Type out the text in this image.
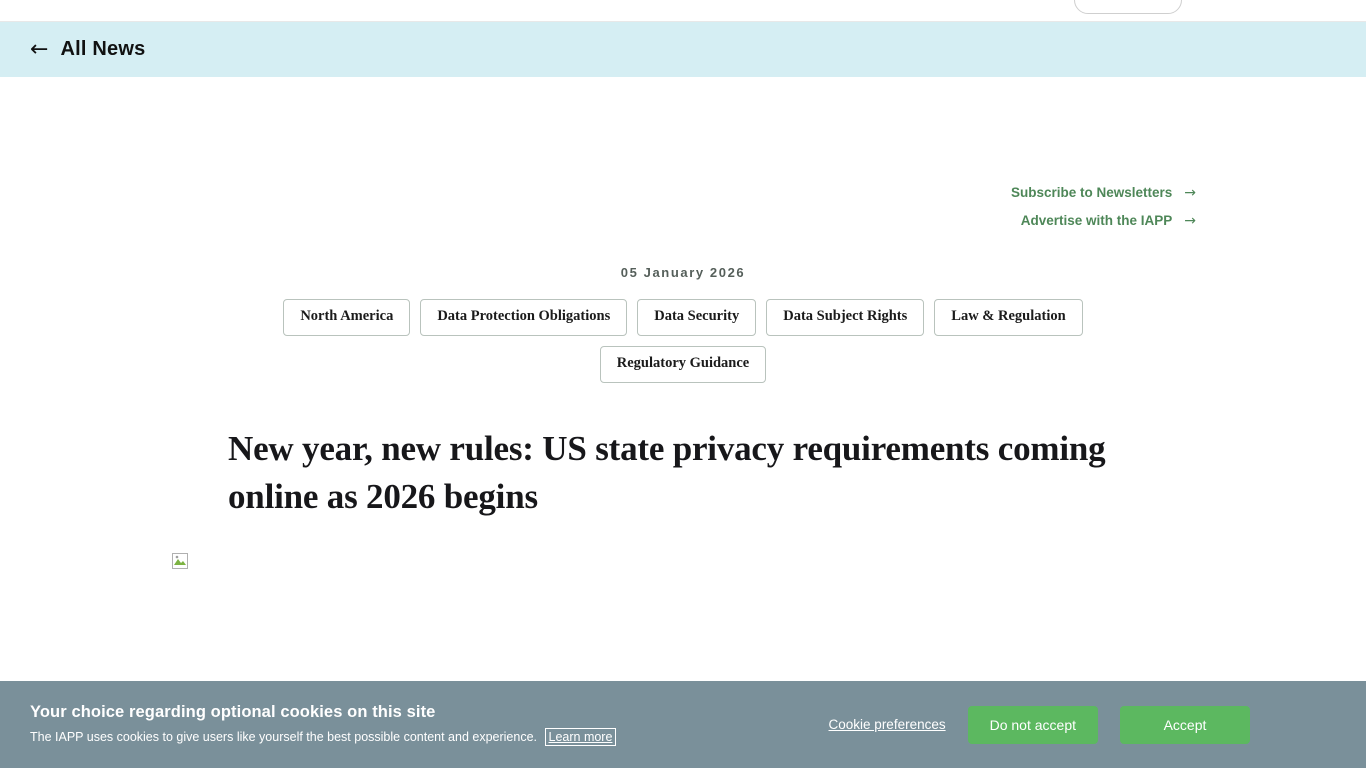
← All News
Subscribe to Newsletters →
Advertise with the IAPP →
05 January 2026
North America	Data Protection Obligations	Data Security	Data Subject Rights	Law & Regulation
Regulatory Guidance
New year, new rules: US state privacy requirements coming online as 2026 begins

Your choice regarding optional cookies on this site

The IAPP uses cookies to give users like yourself the best possible content and experience. Learn more

Cookie preferences	Do not accept	Accept
